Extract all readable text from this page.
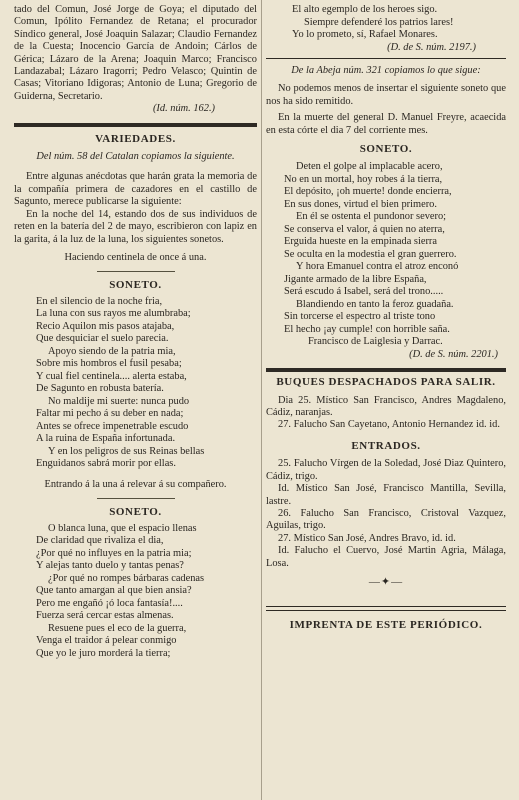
tado del Comun, José Jorge de Goya; el diputado del Comun, Ipólito Fernandez de Retana; el procurador Síndico general, José Joaquin Salazar; Claudio Fernandez de la Cuesta; Inocencio García de Andoin; Cárlos de Gérica; Lázaro de la Arena; Joaquin Marco; Francisco Landazabal; Lázaro Iragorri; Pedro Velasco; Quintin de Casas; Vitoriano Idigoras; Antonio de Luna; Gregorio de Guiderna, Secretario.

(Id. núm. 162.)

VARIEDADES.

Del núm. 58 del Catalan copiamos la siguiente.

Entre algunas anécdotas que harán grata la memoria de la compañía primera de cazadores en el castillo de Sagunto, merece publicarse la siguiente:

En la noche del 14, estando dos de sus individuos de reten en la batería del 2 de mayo, escribieron con lapiz en la garita, á la luz de la luna, los siguientes sonetos.

Haciendo centinela de once á una.

SONETO.

En el silencio de la noche fria,

La luna con sus rayos me alumbraba;

Recio Aquilon mis pasos atajaba,

Que desquiciar el suelo parecia.

Apoyo siendo de la patria mia,

Sobre mis hombros el fusil pesaba;

Y cual fiel centinela.... alerta estaba,

De Sagunto en robusta batería.

No maldije mi suerte: nunca pudo

Faltar mi pecho á su deber en nada;

Antes se ofrece impenetrable escudo

A la ruina de España infortunada.

Y en los peligros de sus Reinas bellas

Enguidanos sabrá morir por ellas.

Entrando á la una á relevar á su compañero.

SONETO.

O blanca luna, que el espacio llenas

De claridad que rivaliza el dia,

¿Por qué no influyes en la patria mia;

Y alejas tanto duelo y tantas penas?

¿Por qué no rompes bárbaras cadenas

Que tanto amargan al que bien ansia?

Pero me engañó ¡ó loca fantasía!....

Fuerza será cercar estas almenas.

Resuene pues el eco de la guerra,

Venga el traidor á pelear conmigo

Que yo le juro morderá la tierra;

El alto egemplo de los heroes sigo.

Siempre defenderé los patrios lares!

Yo lo prometo, sí, Rafael Monares.

(D. de S. núm. 2197.)

De la Abeja núm. 321 copiamos lo que sigue:

No podemos menos de insertar el siguiente soneto que nos ha sido remitido.

En la muerte del general D. Manuel Freyre, acaecida en esta córte el dia 7 del corriente mes.

SONETO.

Deten el golpe al implacable acero,

No en un mortal, hoy robes á la tierra,

El depósito, ¡oh muerte! donde encierra,

En sus dones, virtud el bien primero.

En él se ostenta el pundonor severo;

Se conserva el valor, á quien no aterra,

Erguida hueste en la empinada sierra

Se oculta en la modestia el gran guerrero.

Y hora Emanuel contra el atroz enconó

Jigante armado de la libre España,

Será escudo á Isabel, será del trono.....

Blandiendo en tanto la feroz guadaña.

Sin torcerse el espectro al triste tono

El hecho ¡ay cumple! con horrible saña.

Francisco de Laiglesia y Darrac.

(D. de S. núm. 2201.)

BUQUES DESPACHADOS PARA SALIR.

Dia 25. Místico San Francisco, Andres Magdaleno, Cádiz, naranjas.

27. Falucho San Cayetano, Antonio Hernandez id. id.

ENTRADOS.

25. Falucho Vírgen de la Soledad, José Diaz Quintero, Cádiz, trigo.

Id. Místico San José, Francisco Mantilla, Sevilla, lastre.

26. Falucho San Francisco, Cristoval Vazquez, Aguilas, trigo.

27. Místico San José, Andres Bravo, id. id.

Id. Falucho el Cuervo, José Martin Agria, Málaga, Losa.

―✦―

IMPRENTA DE ESTE PERIÓDICO.
